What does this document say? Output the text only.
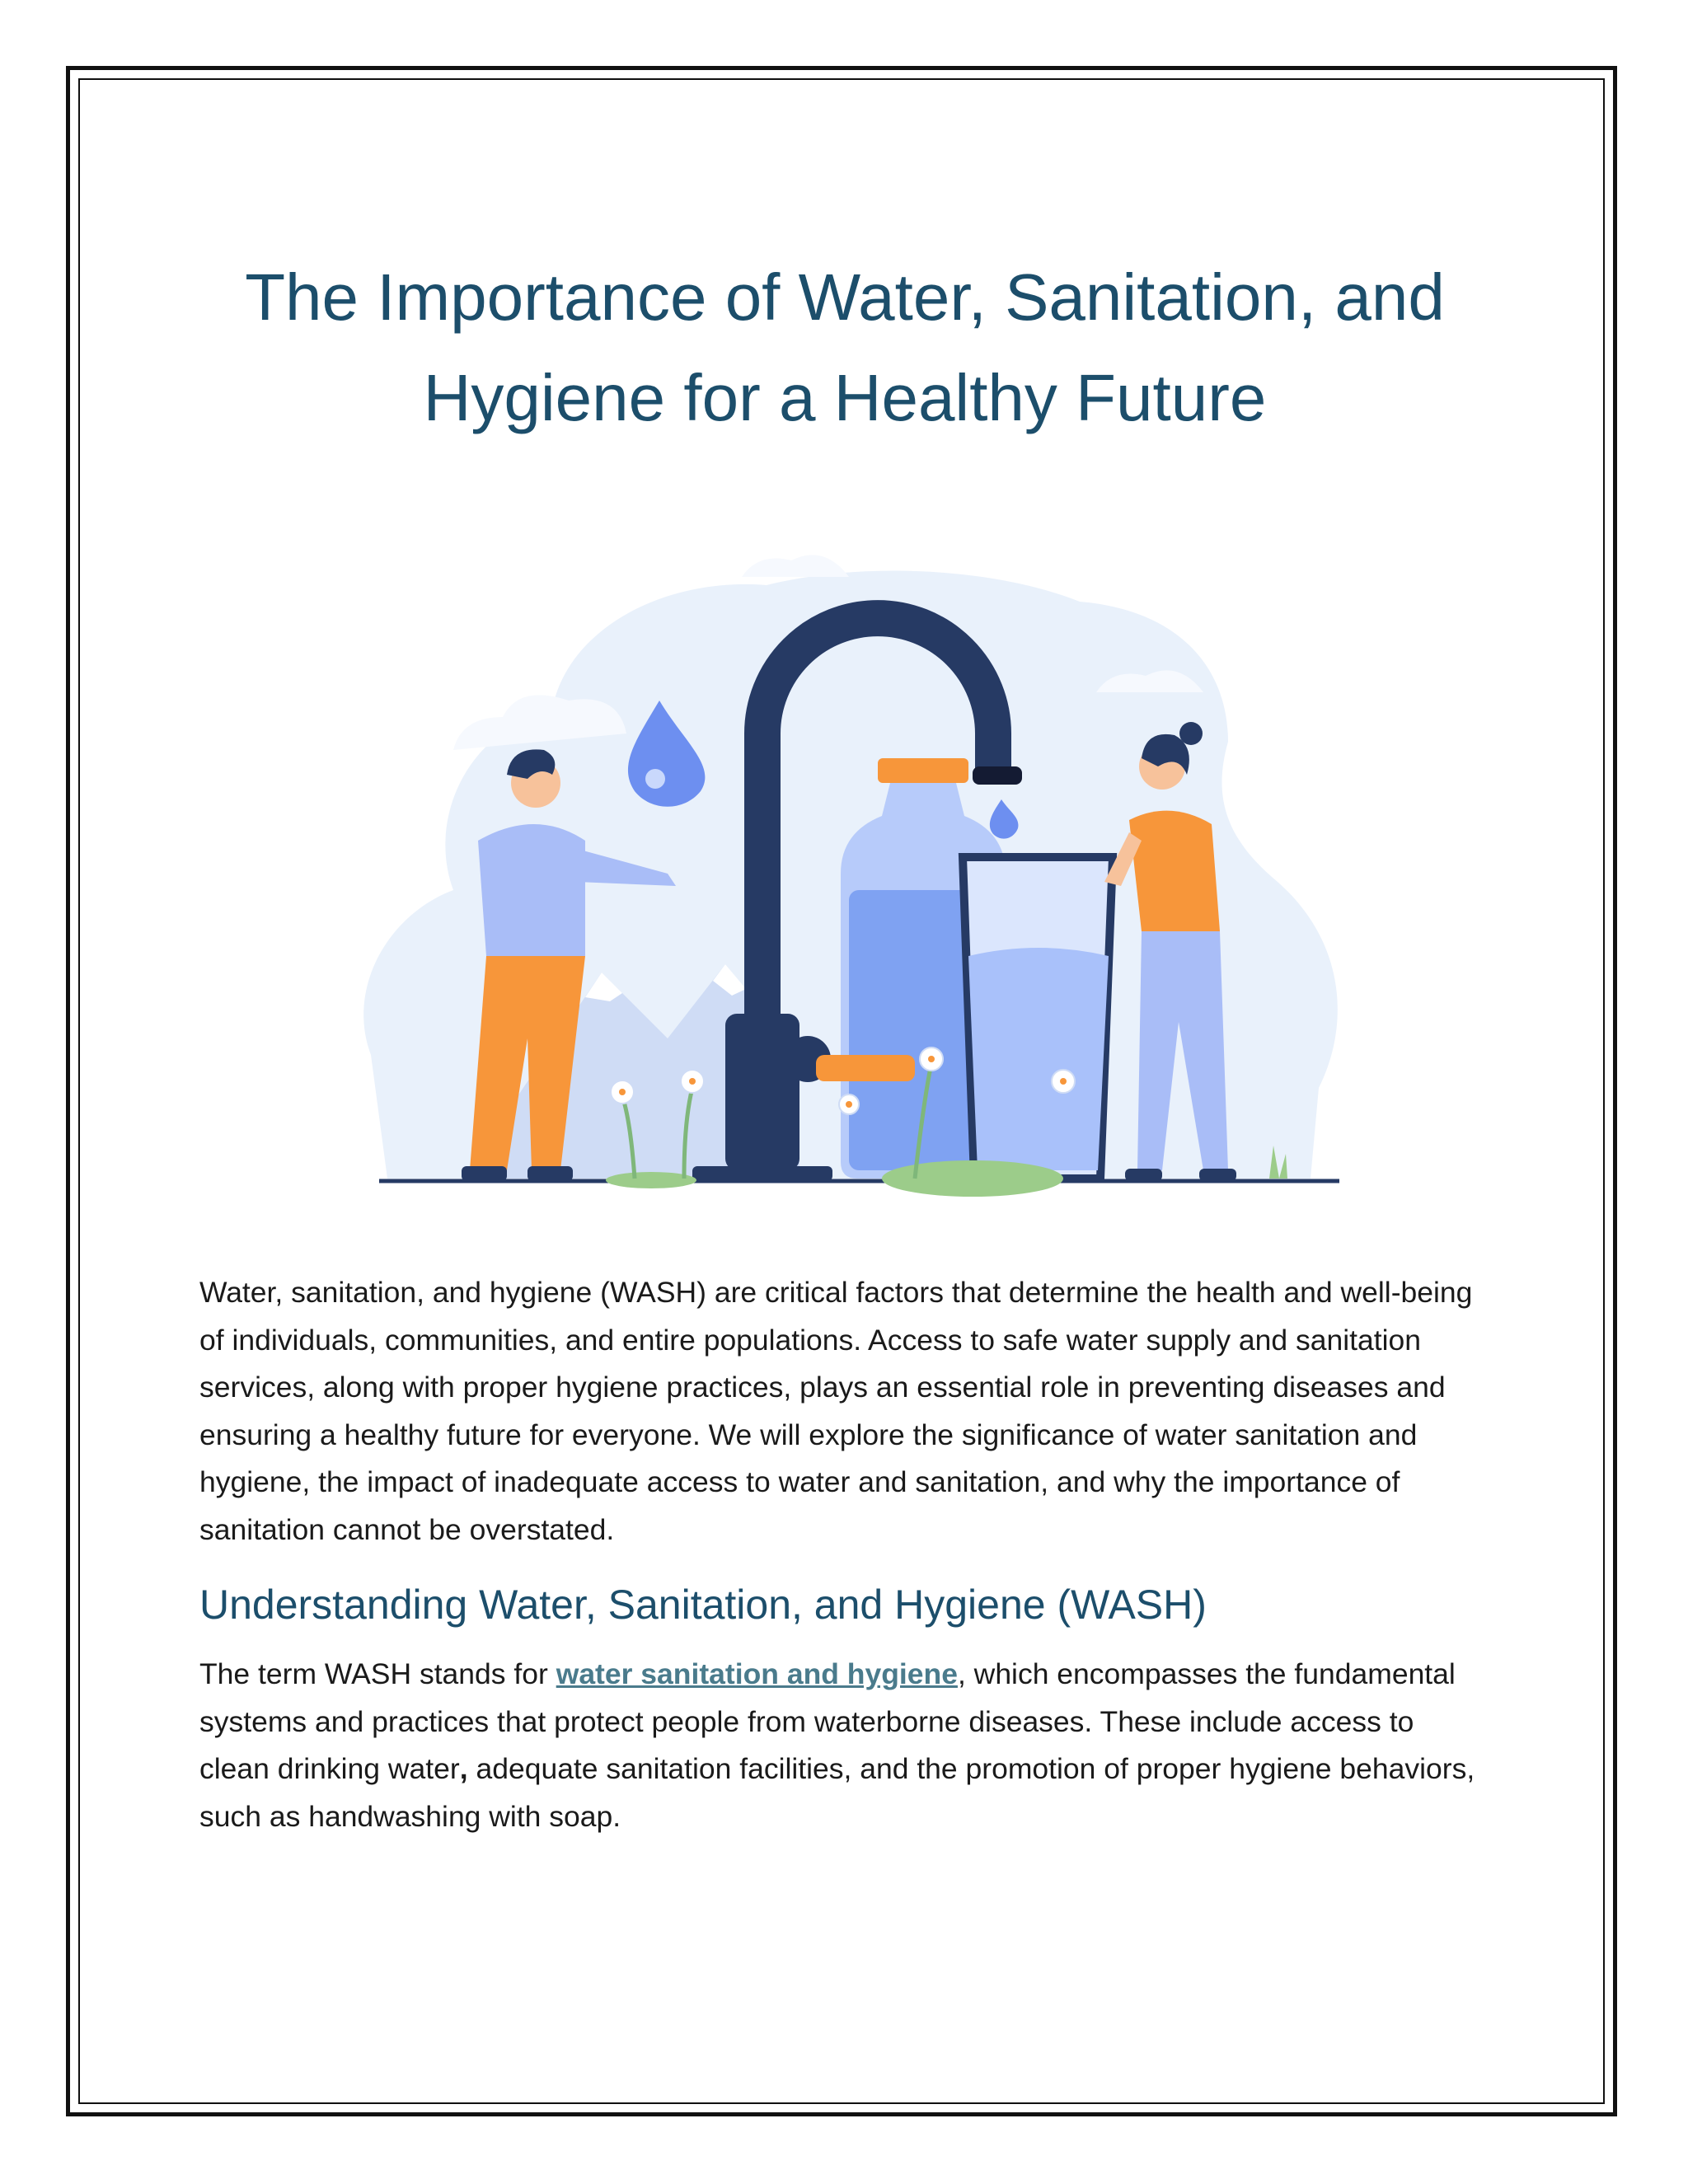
The Importance of Water, Sanitation, and
Hygiene for a Healthy Future

Water, sanitation, and hygiene (WASH) are critical factors that determine the health and well-being of individuals, communities, and entire populations. Access to safe water supply and sanitation services, along with proper hygiene practices, plays an essential role in preventing diseases and ensuring a healthy future for everyone. We will explore the significance of water sanitation and hygiene, the impact of inadequate access to water and sanitation, and why the importance of sanitation cannot be overstated.

Understanding Water, Sanitation, and Hygiene (WASH)

The term WASH stands for water sanitation and hygiene, which encompasses the fundamental systems and practices that protect people from waterborne diseases. These include access to clean drinking water, adequate sanitation facilities, and the promotion of proper hygiene behaviors, such as handwashing with soap.
